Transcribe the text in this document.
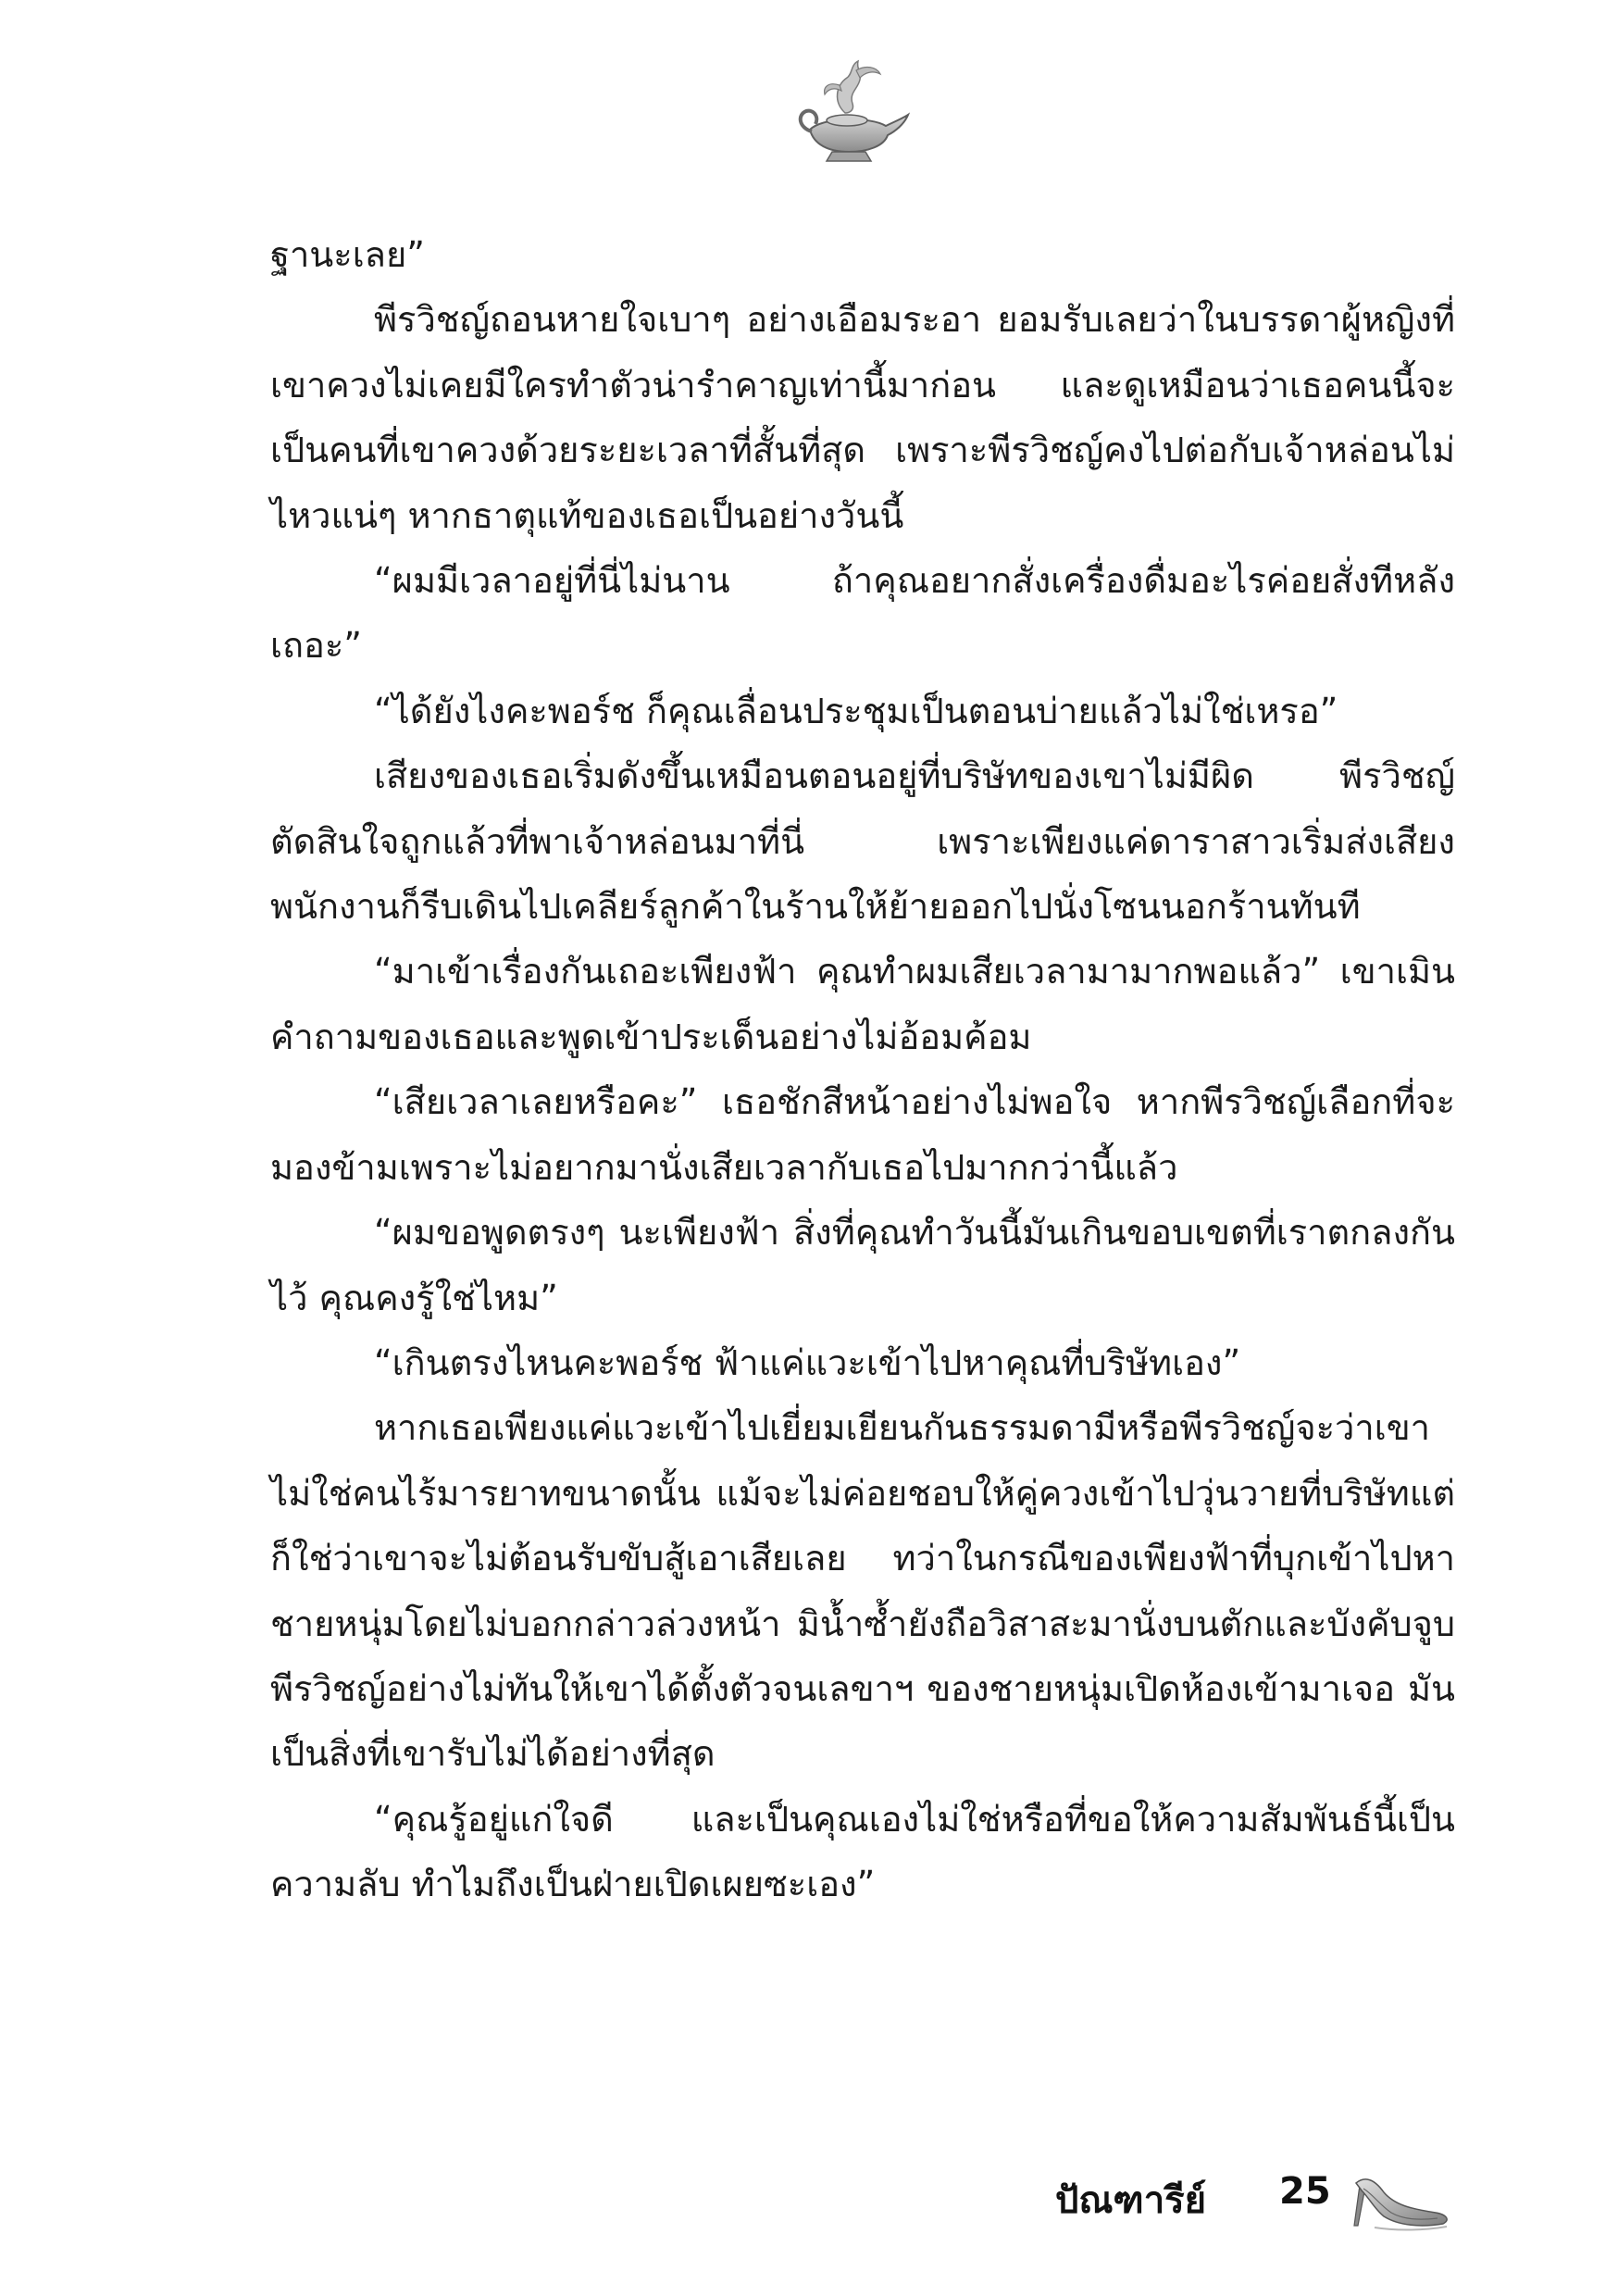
ฐานะเลย”

พีรวิชญ์ถอนหายใจเบาๆ อย่างเอือมระอา ยอมรับเลยว่าในบรรดาผู้หญิงที่เขาควงไม่เคยมีใครทำตัวน่ารำคาญเท่านี้มาก่อน และดูเหมือนว่าเธอคนนี้จะเป็นคนที่เขาควงด้วยระยะเวลาที่สั้นที่สุด เพราะพีรวิชญ์คงไปต่อกับเจ้าหล่อนไม่ไหวแน่ๆ หากธาตุแท้ของเธอเป็นอย่างวันนี้

“ผมมีเวลาอยู่ที่นี่ไม่นาน ถ้าคุณอยากสั่งเครื่องดื่มอะไรค่อยสั่งทีหลังเถอะ”

“ได้ยังไงคะพอร์ช ก็คุณเลื่อนประชุมเป็นตอนบ่ายแล้วไม่ใช่เหรอ”

เสียงของเธอเริ่มดังขึ้นเหมือนตอนอยู่ที่บริษัทของเขาไม่มีผิด พีรวิชญ์ตัดสินใจถูกแล้วที่พาเจ้าหล่อนมาที่นี่ เพราะเพียงแค่ดาราสาวเริ่มส่งเสียงพนักงานก็รีบเดินไปเคลียร์ลูกค้าในร้านให้ย้ายออกไปนั่งโซนนอกร้านทันที

“มาเข้าเรื่องกันเถอะเพียงฟ้า คุณทำผมเสียเวลามามากพอแล้ว” เขาเมินคำถามของเธอและพูดเข้าประเด็นอย่างไม่อ้อมค้อม

“เสียเวลาเลยหรือคะ” เธอชักสีหน้าอย่างไม่พอใจ หากพีรวิชญ์เลือกที่จะมองข้ามเพราะไม่อยากมานั่งเสียเวลากับเธอไปมากกว่านี้แล้ว

“ผมขอพูดตรงๆ นะเพียงฟ้า สิ่งที่คุณทำวันนี้มันเกินขอบเขตที่เราตกลงกันไว้ คุณคงรู้ใช่ไหม”

“เกินตรงไหนคะพอร์ช ฟ้าแค่แวะเข้าไปหาคุณที่บริษัทเอง”

หากเธอเพียงแค่แวะเข้าไปเยี่ยมเยียนกันธรรมดามีหรือพีรวิชญ์จะว่าเขาไม่ใช่คนไร้มารยาทขนาดนั้น แม้จะไม่ค่อยชอบให้คู่ควงเข้าไปวุ่นวายที่บริษัทแต่ก็ใช่ว่าเขาจะไม่ต้อนรับขับสู้เอาเสียเลย ทว่าในกรณีของเพียงฟ้าที่บุกเข้าไปหาชายหนุ่มโดยไม่บอกกล่าวล่วงหน้า มิน้ำซ้ำยังถือวิสาสะมานั่งบนตักและบังคับจูบพีรวิชญ์อย่างไม่ทันให้เขาได้ตั้งตัวจนเลขาฯ ของชายหนุ่มเปิดห้องเข้ามาเจอ มันเป็นสิ่งที่เขารับไม่ได้อย่างที่สุด

“คุณรู้อยู่แก่ใจดี และเป็นคุณเองไม่ใช่หรือที่ขอให้ความสัมพันธ์นี้เป็นความลับ ทำไมถึงเป็นฝ่ายเปิดเผยซะเอง”

ปัณฑารีย์ 25
